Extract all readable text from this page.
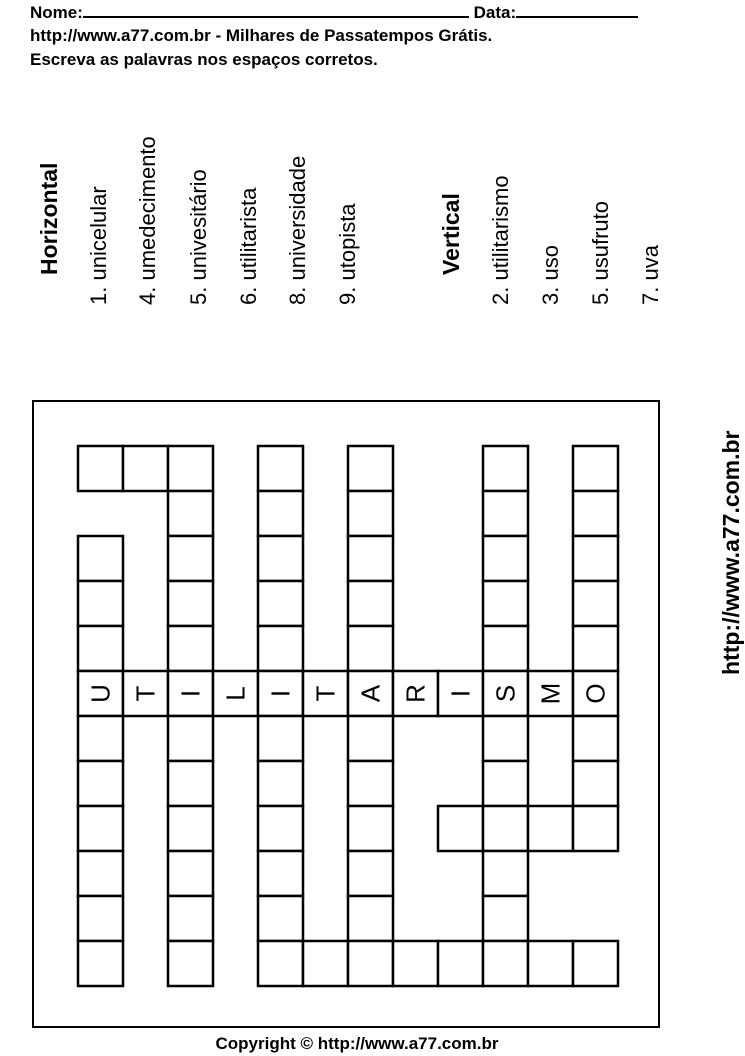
Nome:	Data:
http://www.a77.com.br - Milhares de Passatempos Grátis.
Escreva as palavras nos espaços corretos.
Horizontal
1. unicelular
4. umedecimento
5. univesitário
6. utilitarista
8. universidade
9. utopista	Vertical
2. utilitarismo
3. uso
5. usufruto
7. uva
http://www.a77.com.br
U T I L I T A R I S M O
Copyright © http://www.a77.com.br
